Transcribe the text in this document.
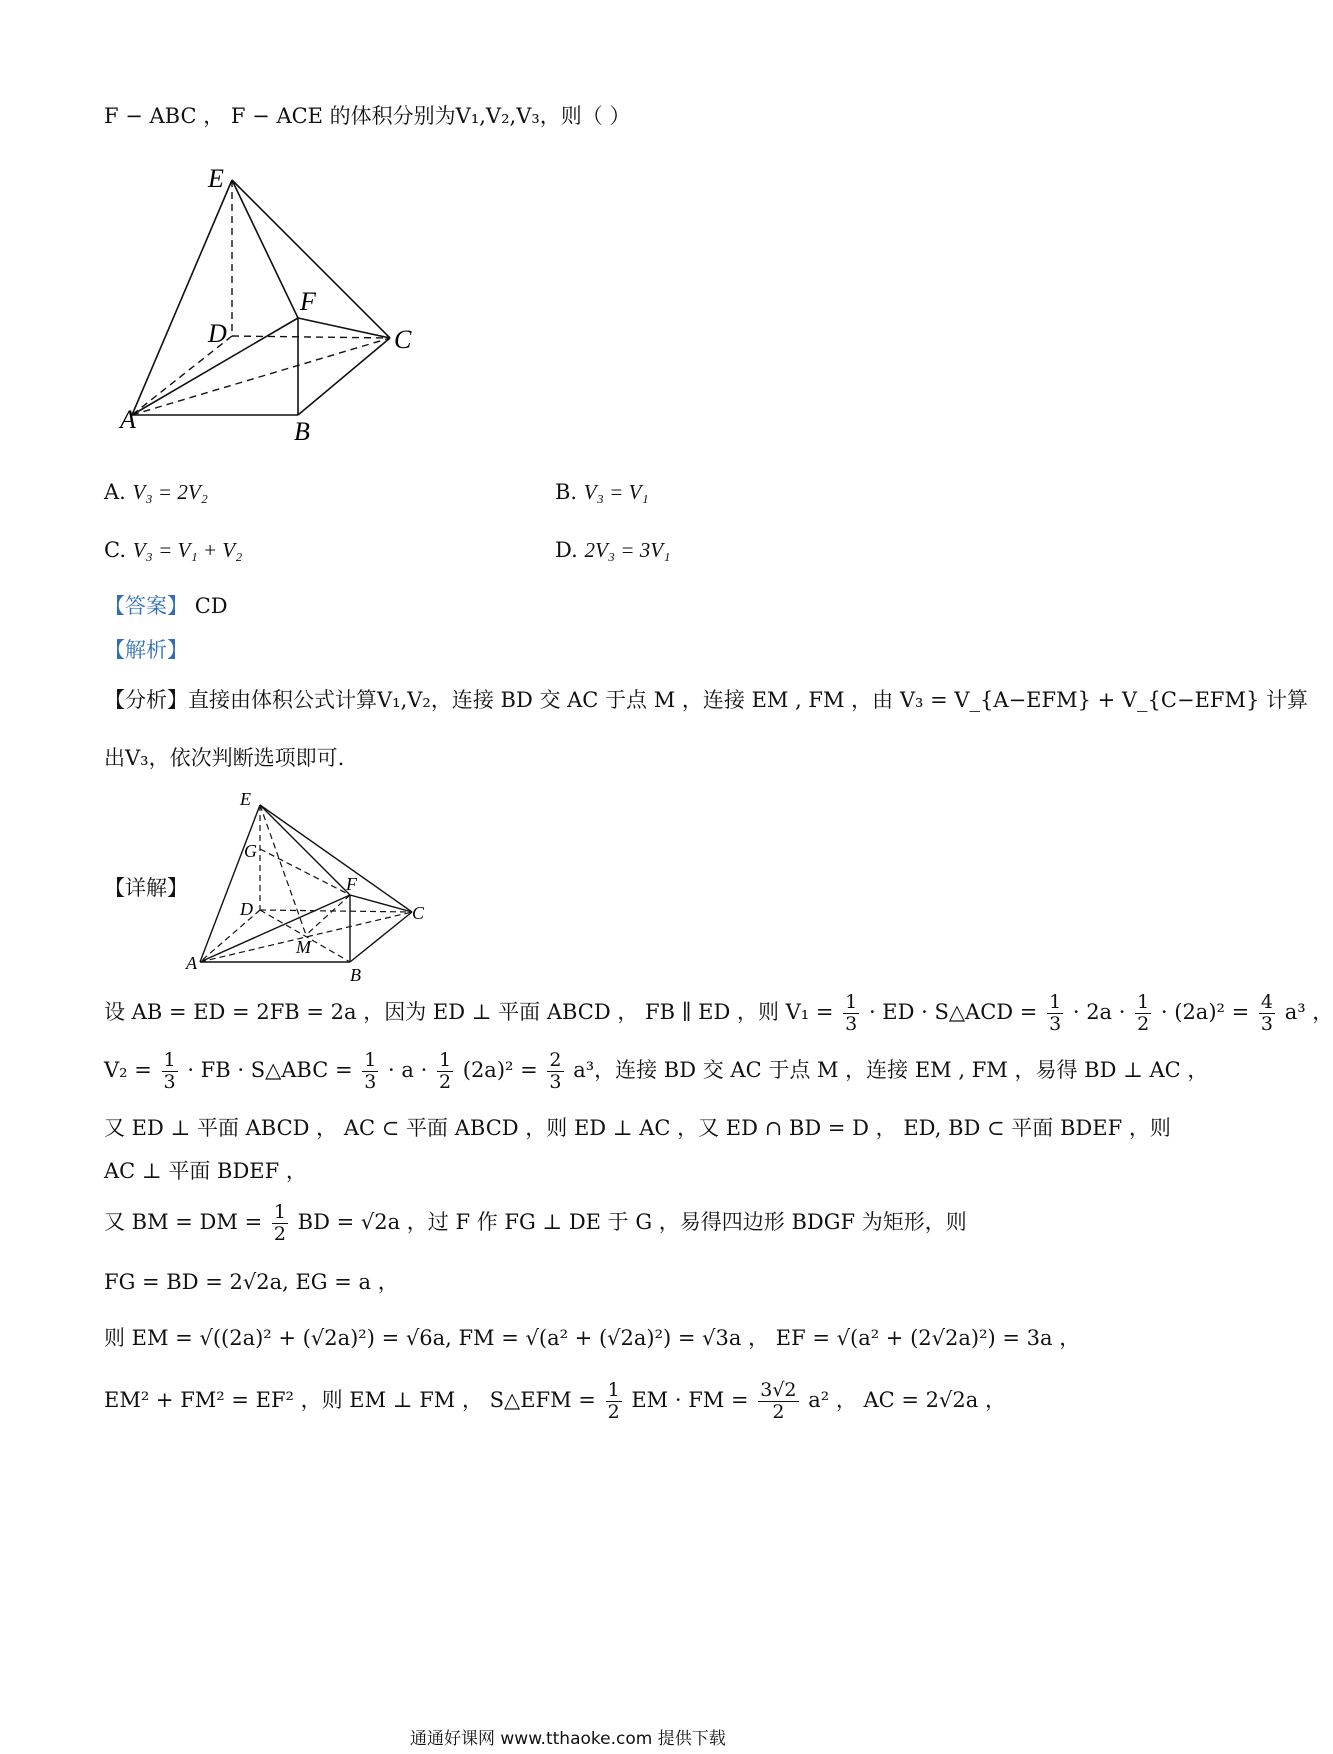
F − ABC ， F − ACE 的体积分别为V₁,V₂,V₃，则（ ）
E
F
D	C
A	B
A. V₃ = 2V₂	B. V₃ = V₁
C. V₃ = V₁ + V₂	D. 2V₃ = 3V₁
【答案】 CD
【解析】
【分析】直接由体积公式计算V₁,V₂，连接 BD 交 AC 于点 M ，连接 EM , FM ，由 V₃ = V_{A−EFM} + V_{C−EFM} 计算
出V₃，依次判断选项即可.
【详解】
E
G
F
D	C
M
A
B
设 AB = ED = 2FB = 2a ，因为 ED ⊥ 平面 ABCD ， FB ∥ ED ，则 $V_1 = \frac{1}{3}$ · ED · S△ACD = $\frac{1}{3} \cdot 2a \cdot \frac{1}{2} \cdot (2a)^2 = \frac{4}{3} a^3$ ，
$V_2 = \frac{1}{3}$ · FB · S△ABC = $\frac{1}{3} \cdot a \cdot \frac{1}{2} (2a)^2 = \frac{2}{3} a^3$，连接 BD 交 AC 于点 M ，连接 EM , FM ，易得 BD ⊥ AC ，
又 ED ⊥ 平面 ABCD ， AC ⊂ 平面 ABCD ，则 ED ⊥ AC ，又 ED ∩ BD = D ， ED, BD ⊂ 平面 BDEF ，则
AC ⊥ 平面 BDEF ，
又 BM = DM = $\frac{1}{2}$ BD = √2a ，过 F 作 FG ⊥ DE 于 G ，易得四边形 BDGF 为矩形，则
FG = BD = 2√2a, EG = a ，
则 EM = √((2a)² + (√2a)²) = √6a, FM = √(a² + (√2a)²) = √3a ， EF = √(a² + (2√2a)²) = 3a ，
EM² + FM² = EF² ，则 EM ⊥ FM ， S△EFM = $\frac{1}{2}$ EM · FM = $\frac{3√2}{2} a^2$ ， AC = 2√2a ，
通通好课网 www.tthaoke.com 提供下载
